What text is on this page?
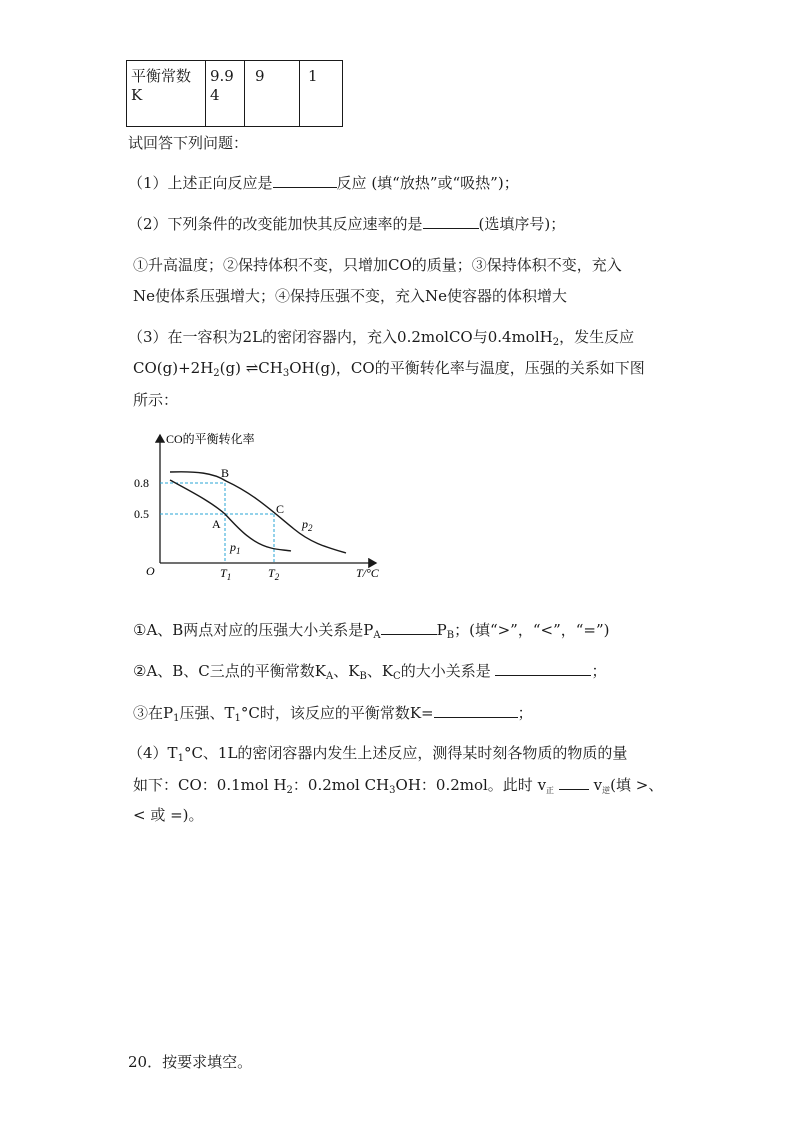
平衡常数K	9.94	9	1
试回答下列问题：
（1）上述正向反应是	反应 (填“放热”或“吸热”)；
（2）下列条件的改变能加快其反应速率的是	(选填序号)；
①升高温度；②保持体积不变，只增加CO的质量；③保持体积不变，充入
Ne使体系压强增大；④保持压强不变，充入Ne使容器的体积增大
（3）在一容积为2L的密闭容器内，充入0.2molCO与0.4molH$_2$，发生反应
$CO(g)+2H_2(g)$ $\rightleftharpoons CH_3OH(g)$，CO的平衡转化率与温度，压强的关系如下图
所示：
CO的平衡转化率
T/°C
O
0.8
0.5
B
A
C
$p_2$
$p_1$
$T_1$	$T_2$
①A、B两点对应的压强大小关系是$P_A$	$P_B$；(填“>”，“<”，“=”)
②A、B、C三点的平衡常数$K_A$、$K_B$、$K_C$的大小关系是	；
③在$P_1$压强、$T_1^\circ C$时，该反应的平衡常数K=	；
$(4)T_1^\circ C$、1L的密闭容器内发生上述反应，测得某时刻各物质的物质的量
如下：CO：0.1mol $H_2$：0.2mol $CH_3OH$：0.2mol。此时 $v_正$	$v_逆$(填 >、
< 或 =)。
20．按要求填空。
